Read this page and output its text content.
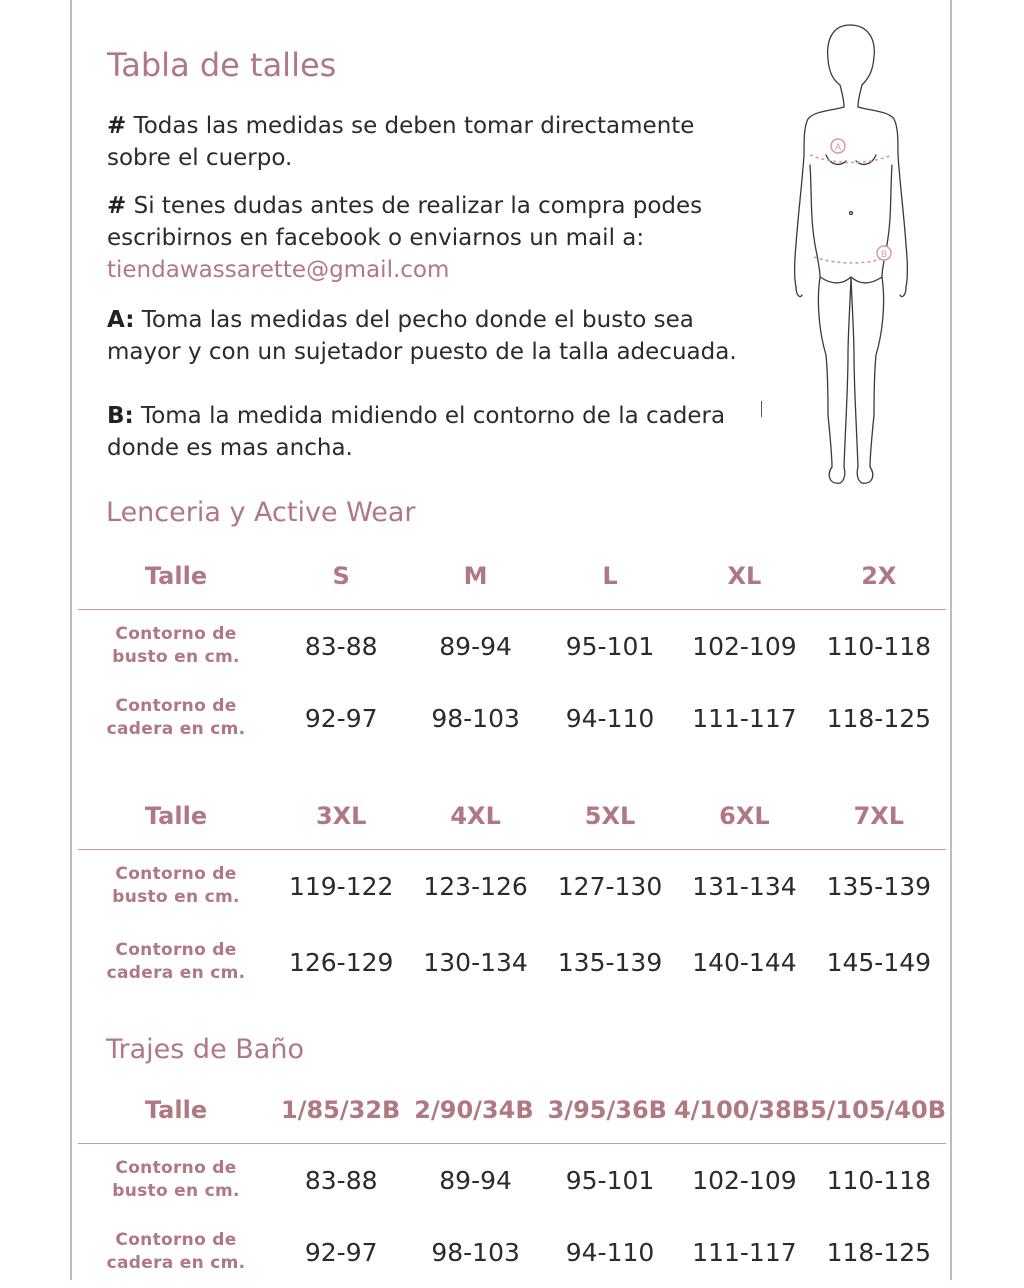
Tabla de talles
# Todas las medidas se deben tomar directamente sobre el cuerpo.
# Si tenes dudas antes de realizar la compra podes escribirnos en facebook o enviarnos un mail a:
tiendawassarette@gmail.com
A: Toma las medidas del pecho donde el busto sea mayor y con un sujetador puesto de la talla adecuada.
B: Toma la medida midiendo el contorno de la cadera donde es mas ancha.
A
B
Lenceria y Active Wear
Talle	S	M	L	XL	2X
Contorno de
busto en cm.	83-88	89-94	95-101	102-109	110-118
Contorno de
cadera en cm.	92-97	98-103	94-110	111-117	118-125
Talle	3XL	4XL	5XL	6XL	7XL
Contorno de
busto en cm.	119-122	123-126	127-130	131-134	135-139
Contorno de
cadera en cm.	126-129	130-134	135-139	140-144	145-149
Trajes de Baño
Talle	1/85/32B 2/90/34B 3/95/36B 4/100/38B 5/105/40B
Contorno de
busto en cm.	83-88	89-94	95-101	102-109	110-118
Contorno de
cadera en cm.	92-97	98-103	94-110	111-117	118-125
